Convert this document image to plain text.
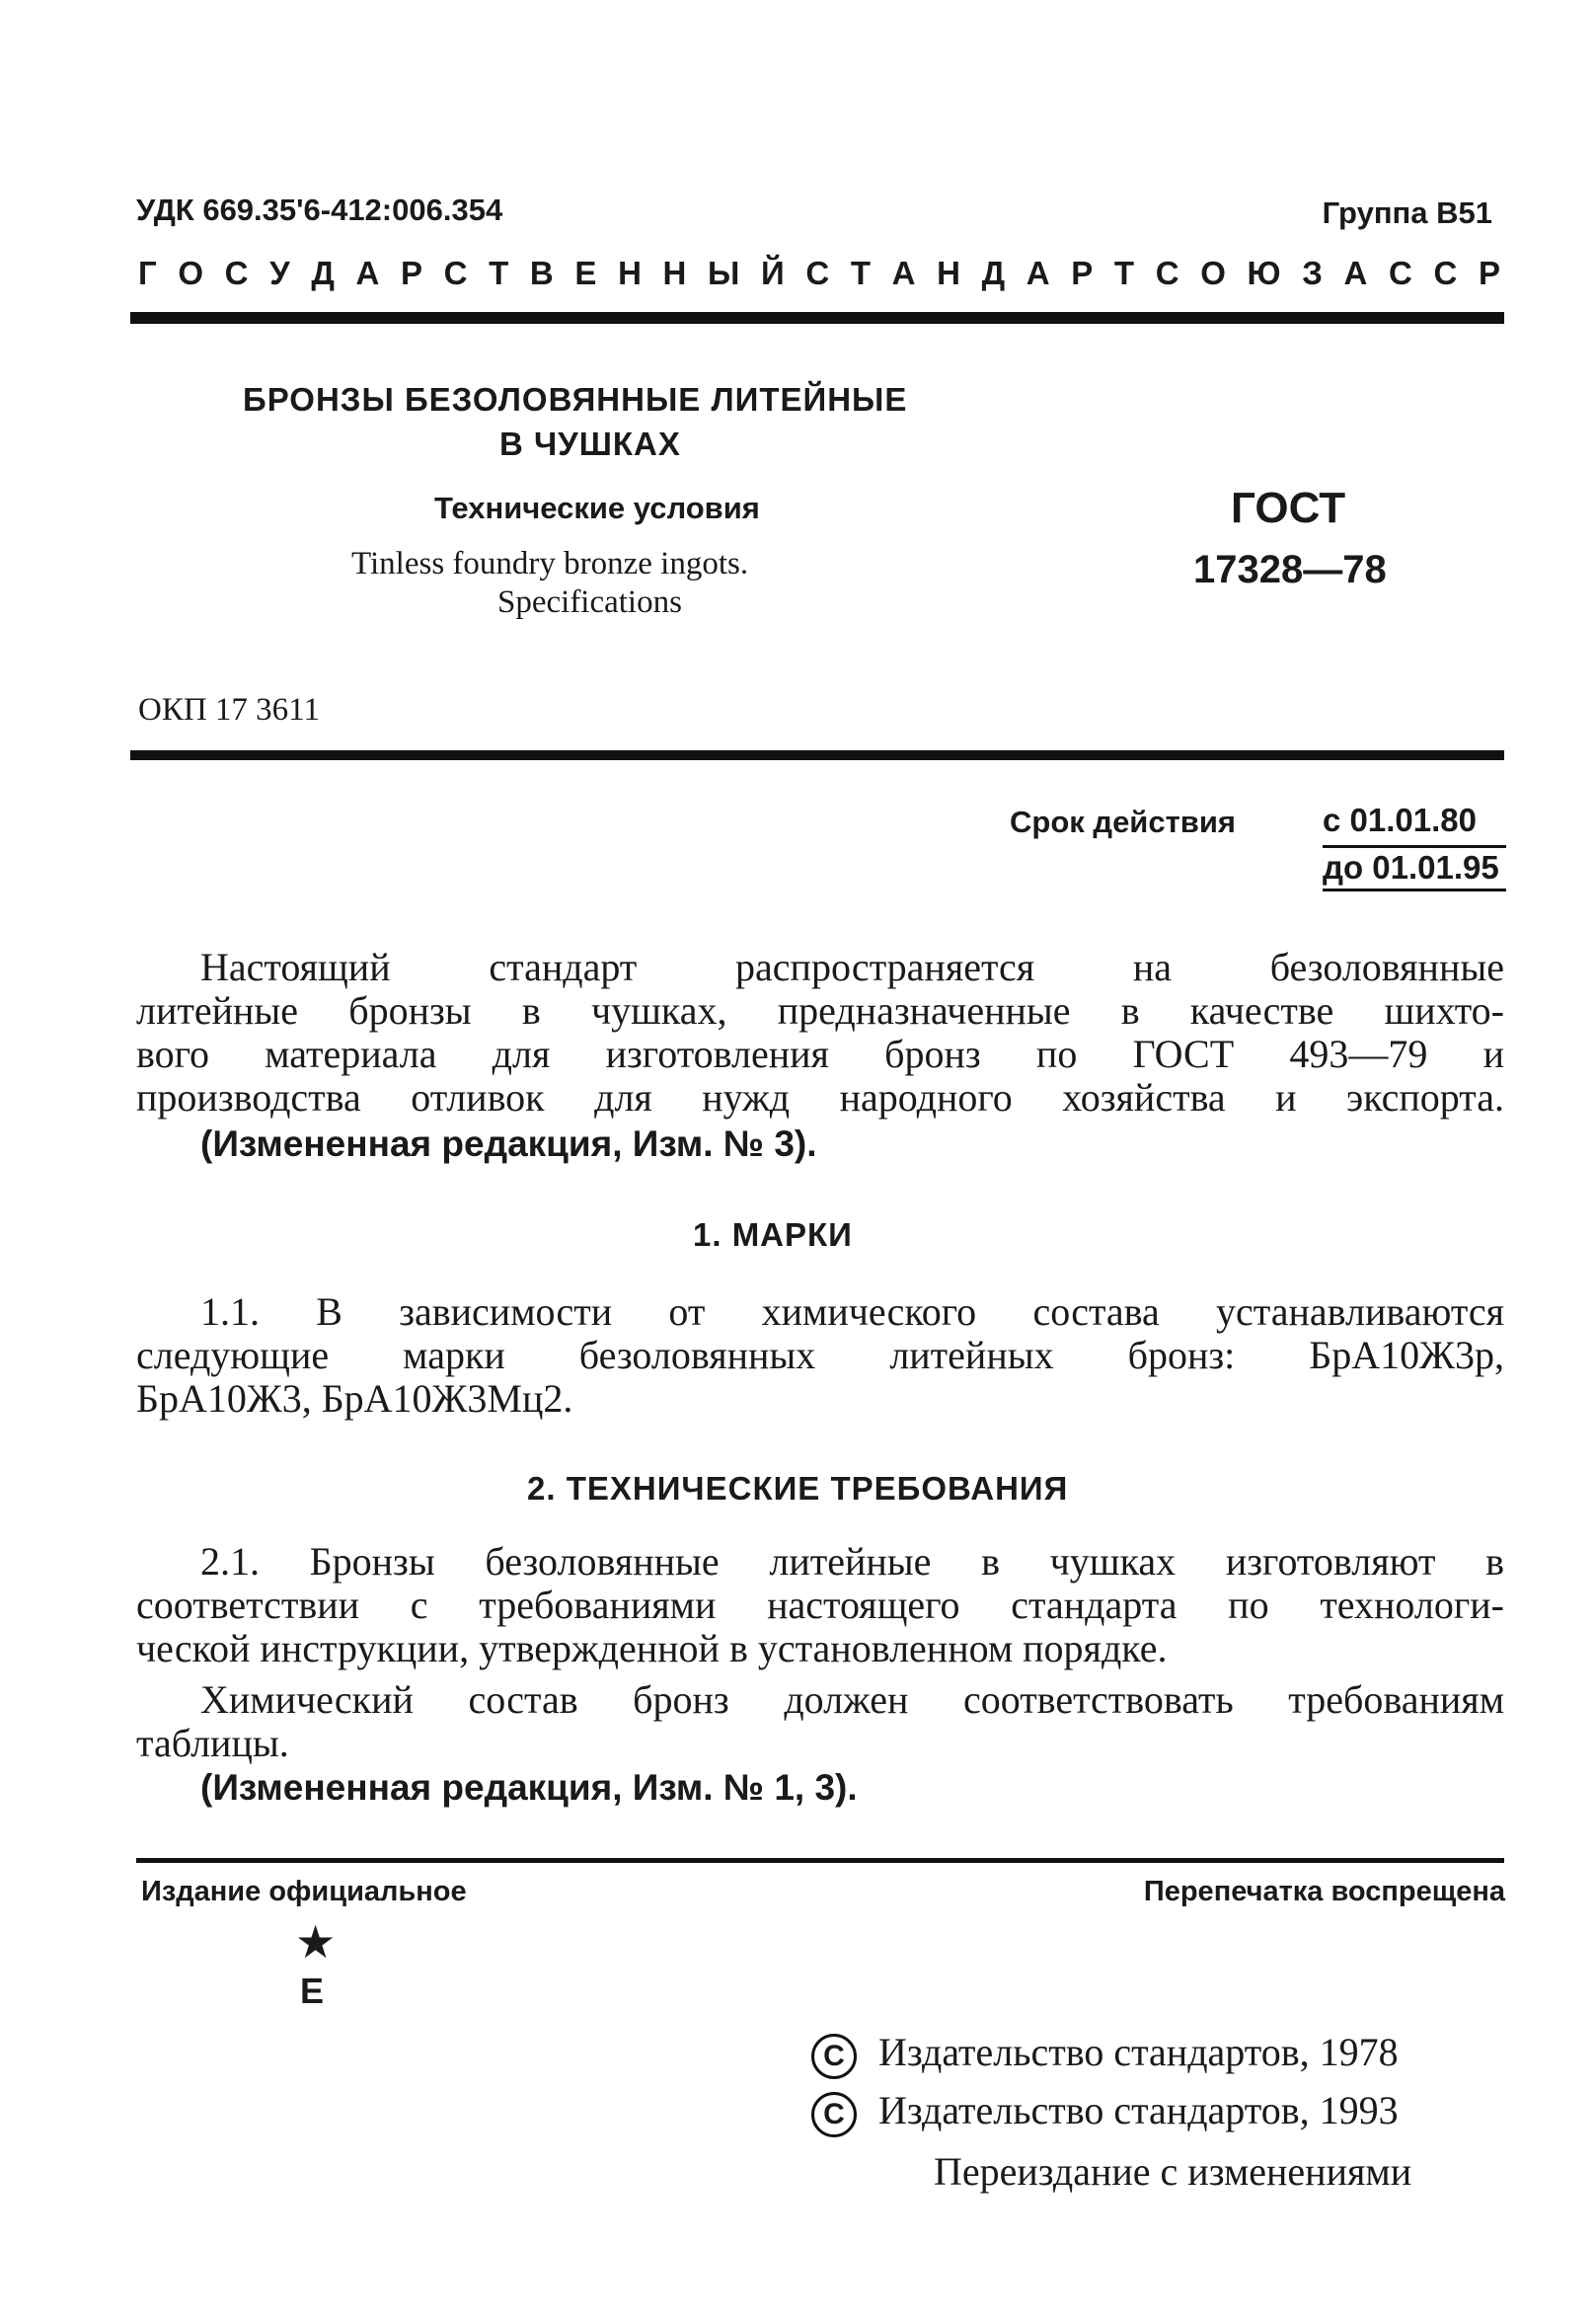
УДК 669.35'6-412:006.354	Группа В51
Г О С У Д А Р С Т В Е Н Н Ы Й С Т А Н Д А Р Т С О Ю З А С С Р
БРОНЗЫ БЕЗОЛОВЯННЫЕ ЛИТЕЙНЫЕ
В ЧУШКАХ
Технические условия
Tinless foundry bronze ingots.
Specifications
ГОСТ
17328—78
ОКП 17 3611
Срок действия	с 01.01.80
до 01.01.95
Настоящий стандарт распространяется на безоловянные
литейные бронзы в чушках, предназначенные в качестве шихто-
вого материала для изготовления бронз по ГОСТ 493—79 и
производства отливок для нужд народного хозяйства и экспорта.
(Измененная редакция, Изм. № 3).
1. МАРКИ
1.1. В зависимости от химического состава устанавливаются
следующие марки безоловянных литейных бронз: БрА10Ж3р,
БрА10Ж3, БрА10Ж3Мц2.
2. ТЕХНИЧЕСКИЕ ТРЕБОВАНИЯ
2.1. Бронзы безоловянные литейные в чушках изготовляют в
соответствии с требованиями настоящего стандарта по технологи-
ческой инструкции, утвержденной в установленном порядке.
Химический состав бронз должен соответствовать требованиям
таблицы.
(Измененная редакция, Изм. № 1, 3).
Издание официальное	Перепечатка воспрещена
★
Е
С Издательство стандартов, 1978
С Издательство стандартов, 1993
Переиздание с изменениями
